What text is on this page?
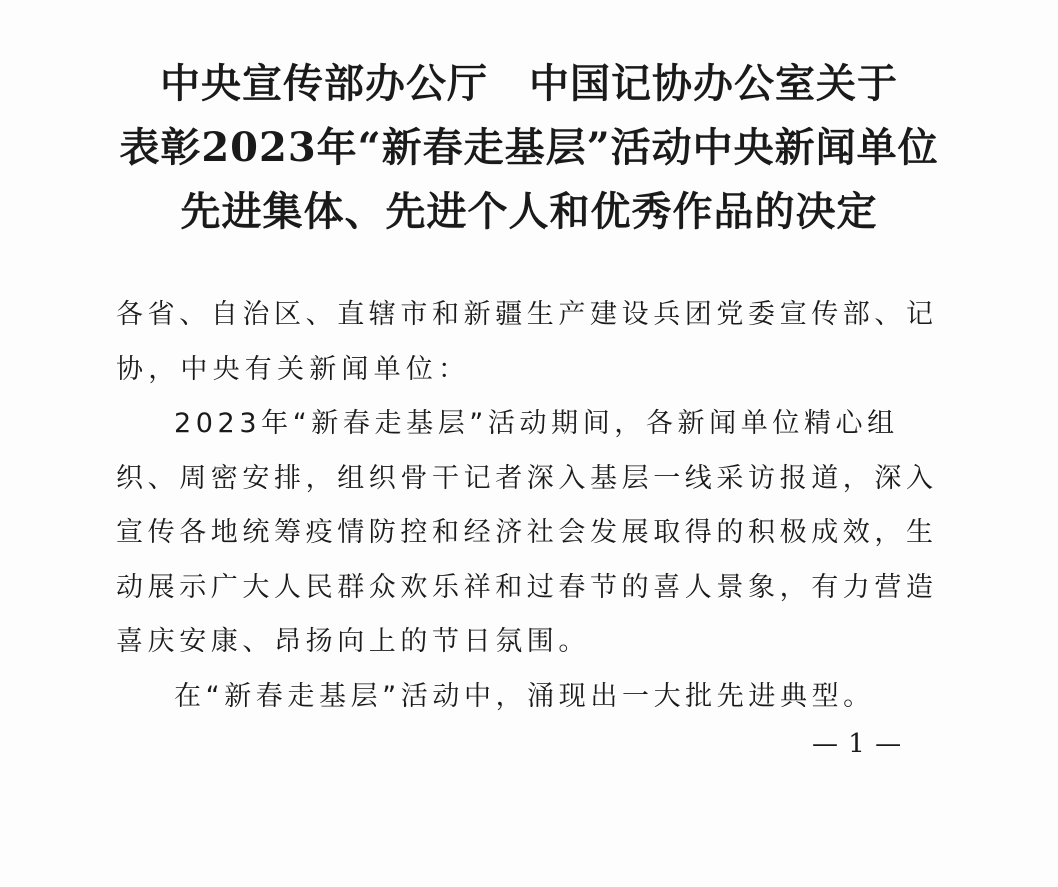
中央宣传部办公厅　中国记协办公室关于
表彰2023年“新春走基层”活动中央新闻单位
先进集体、先进个人和优秀作品的决定
各省、自治区、直辖市和新疆生产建设兵团党委宣传部、记
协，中央有关新闻单位：
2023年“新春走基层”活动期间，各新闻单位精心组
织、周密安排，组织骨干记者深入基层一线采访报道，深入
宣传各地统筹疫情防控和经济社会发展取得的积极成效，生
动展示广大人民群众欢乐祥和过春节的喜人景象，有力营造
喜庆安康、昂扬向上的节日氛围。
在“新春走基层”活动中，涌现出一大批先进典型。
— 1 —
